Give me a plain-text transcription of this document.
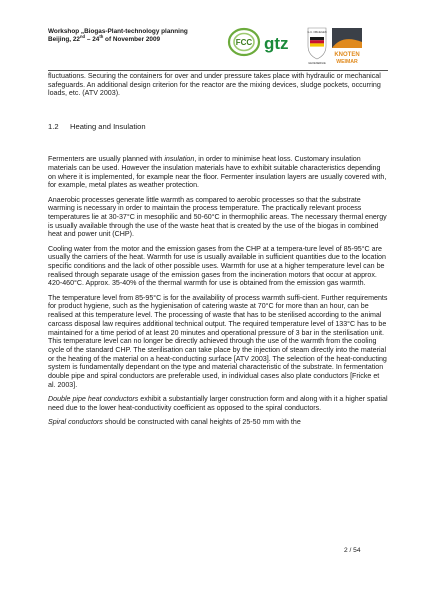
Workshop „Biogas-Plant-technology planning
Beijing, 22nd – 24th of November 2009	FCC gtz
G.U. OBLIEGEN
GEOENERGIE
KNOTEN
WEIMAR

fluctuations. Securing the containers for over and under pressure takes place with hydraulic or mechanical safeguards. An additional design criterion for the reactor are the mixing devices, sludge pockets, occurring loads, etc. (ATV 2003).

1.2 Heating and Insulation

Fermenters are usually planned with insulation, in order to minimise heat loss. Customary insulation materials can be used. However the insulation materials have to exhibit suitable characteristics depending on where it is implemented, for example near the floor. Fermenter insulation layers are usually covered with, for example, metal plates as weather protection.

Anaerobic processes generate little warmth as compared to aerobic processes so that the substrate warming is necessary in order to maintain the process temperature. The practically relevant process temperatures lie at 30-37°C in mesophilic and 50-60°C in thermophilic areas. The necessary thermal energy is usually available through the use of the waste heat that is created by the use of the biogas in combined heat and power unit (CHP).

Cooling water from the motor and the emission gases from the CHP at a tempera-ture level of 85-95°C are usually the carriers of the heat. Warmth for use is usually available in sufficient quantities due to the location specific conditions and the lack of other possible uses. Warmth for use at a higher temperature level can be realised through separate usage of the emission gases from the incineration motors that occur at approx. 420-460°C. Approx. 35-40% of the thermal warmth for use is obtained from the emission gas warmth.

The temperature level from 85-95°C is for the availability of process warmth suffi-cient. Further requirements for product hygiene, such as the hygienisation of catering waste at 70°C for more than an hour, can be realised at this temperature level. The processing of waste that has to be sterilised according to the animal carcass disposal law requires additional technical output. The required temperature level of 133°C has to be maintained for a time period of at least 20 minutes and operational pressure of 3 bar in the sterilisation unit. This temperature level can no longer be directly achieved through the use of the warmth from the cooling cycle of the standard CHP. The sterilisation can take place by the injection of steam directly into the material or the heating of the material on a heat-conducting surface [ATV 2003]. The selection of the heat-conducting system is fundamentally dependant on the type and material characteristic of the substrate. In fermentation double pipe and spiral conductors are preferable used, in individual cases also plate conductors [Fricke et al. 2003].

Double pipe heat conductors exhibit a substantially larger construction form and along with it a higher spatial need due to the lower heat-conductivity coefficient as opposed to the spiral conductors.

Spiral conductors should be constructed with canal heights of 25-50 mm with the

2 / 54
